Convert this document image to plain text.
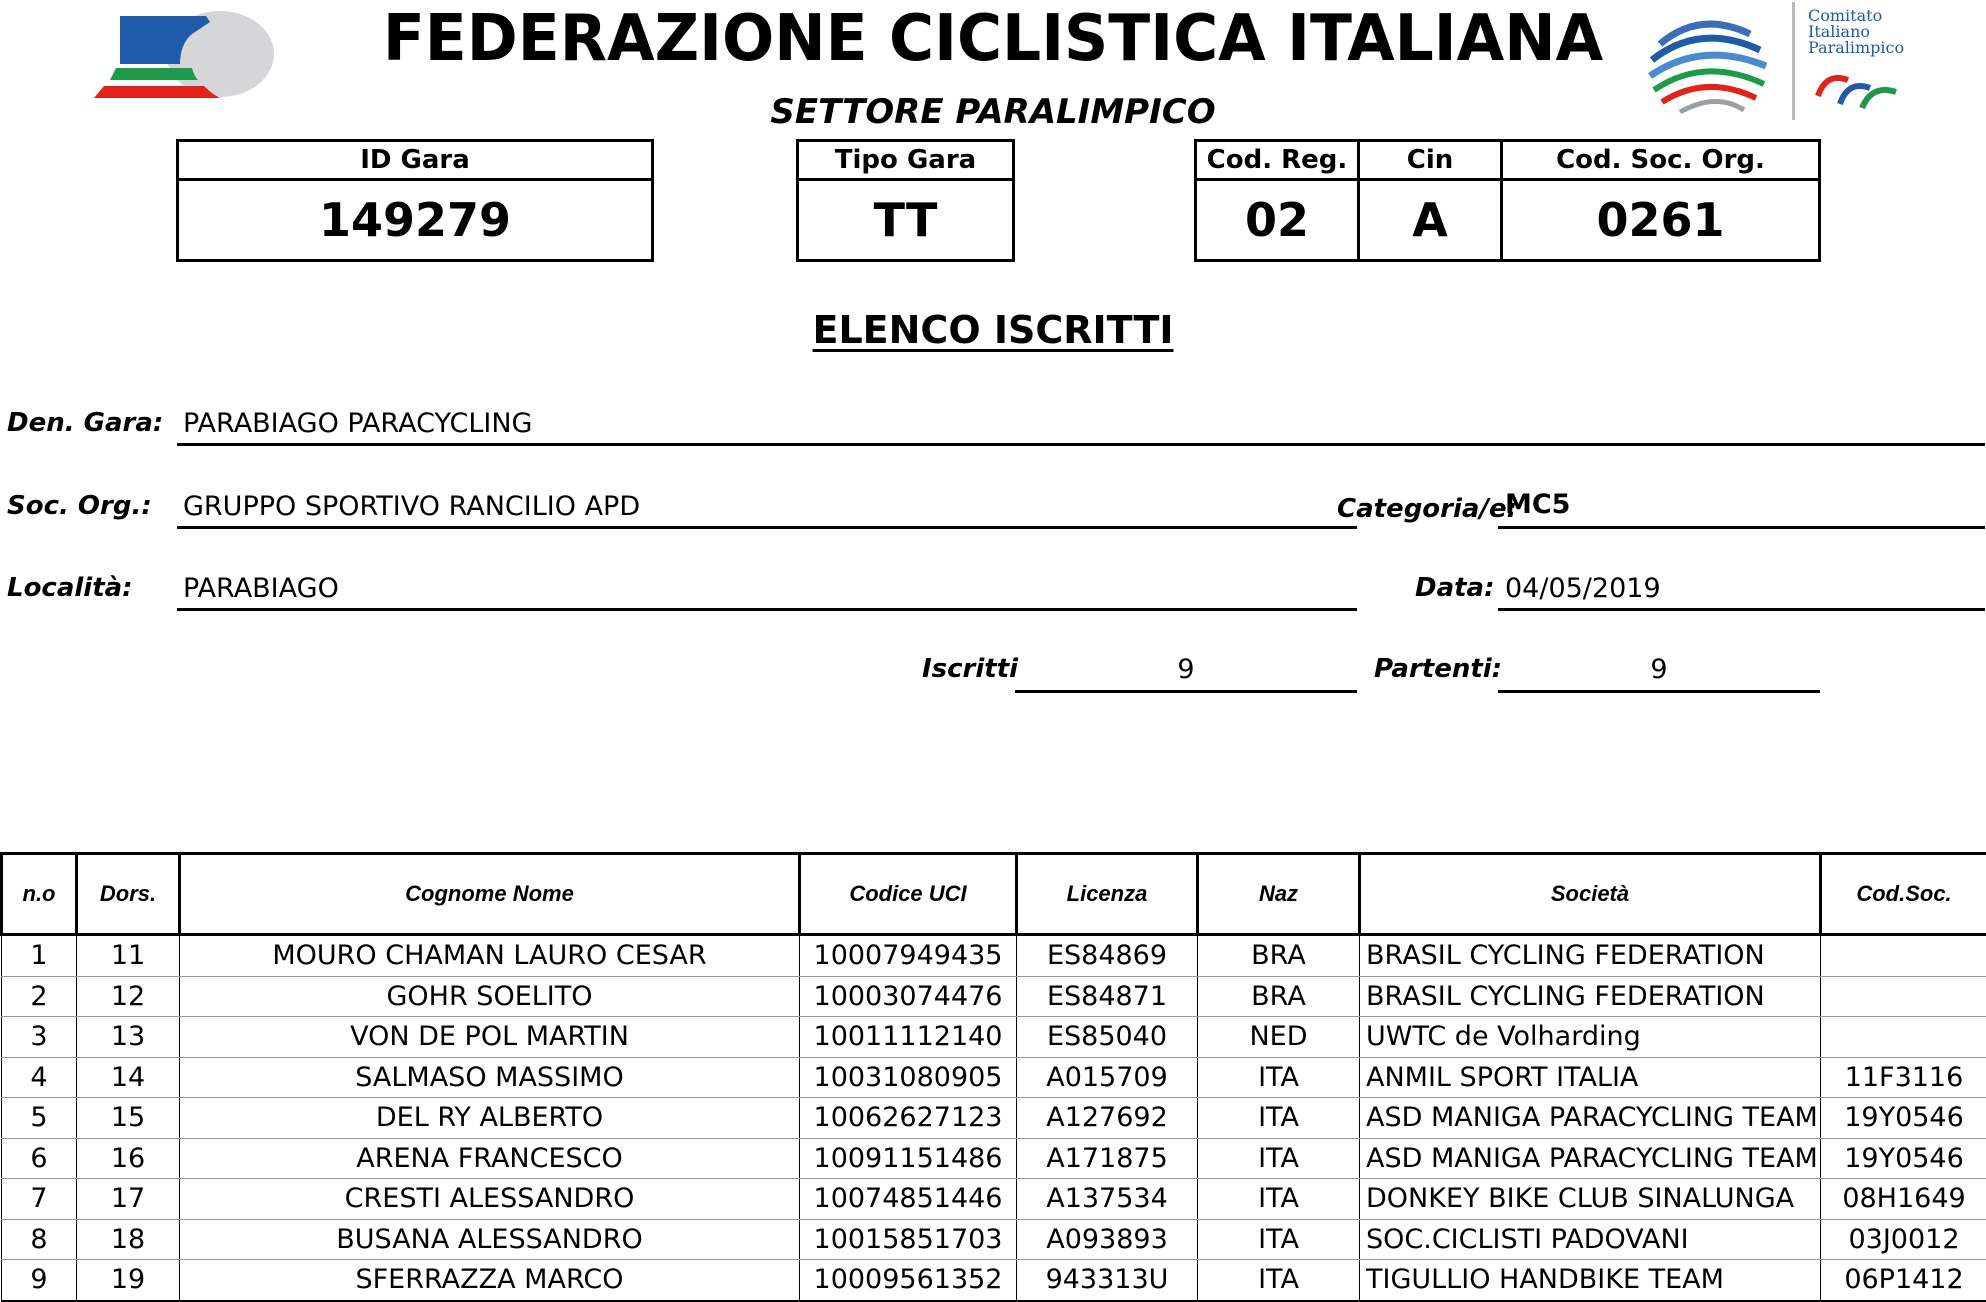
Comitato
Italiano
Paralimpico
FEDERAZIONE CICLISTICA ITALIANA
SETTORE PARALIMPICO
ID Gara
149279
Tipo Gara
TT
Cod. Reg.	Cin	Cod. Soc. Org.
02	A	0261
ELENCO ISCRITTI
Den. Gara: PARABIAGO PARACYCLING
Soc. Org.: GRUPPO SPORTIVO RANCILIO APD	Categoria/e:
MC5
Località: PARABIAGO	Data: 04/05/2019
Iscritti	9	Partenti:	9
n.o	Dors.	Cognome Nome	Codice UCI	Licenza	Naz	Società	Cod.Soc.
1	11	MOURO CHAMAN LAURO CESAR	10007949435	ES84869	BRA	BRASIL CYCLING FEDERATION	
2	12	GOHR SOELITO	10003074476	ES84871	BRA	BRASIL CYCLING FEDERATION	
3	13	VON DE POL MARTIN	10011112140	ES85040	NED	UWTC de Volharding	
4	14	SALMASO MASSIMO	10031080905	A015709	ITA	ANMIL SPORT ITALIA	11F3116
5	15	DEL RY ALBERTO	10062627123	A127692	ITA	ASD MANIGA PARACYCLING TEAM	19Y0546
6	16	ARENA FRANCESCO	10091151486	A171875	ITA	ASD MANIGA PARACYCLING TEAM	19Y0546
7	17	CRESTI ALESSANDRO	10074851446	A137534	ITA	DONKEY BIKE CLUB SINALUNGA	08H1649
8	18	BUSANA ALESSANDRO	10015851703	A093893	ITA	SOC.CICLISTI PADOVANI	03J0012
9	19	SFERRAZZA MARCO	10009561352	943313U	ITA	TIGULLIO HANDBIKE TEAM	06P1412
